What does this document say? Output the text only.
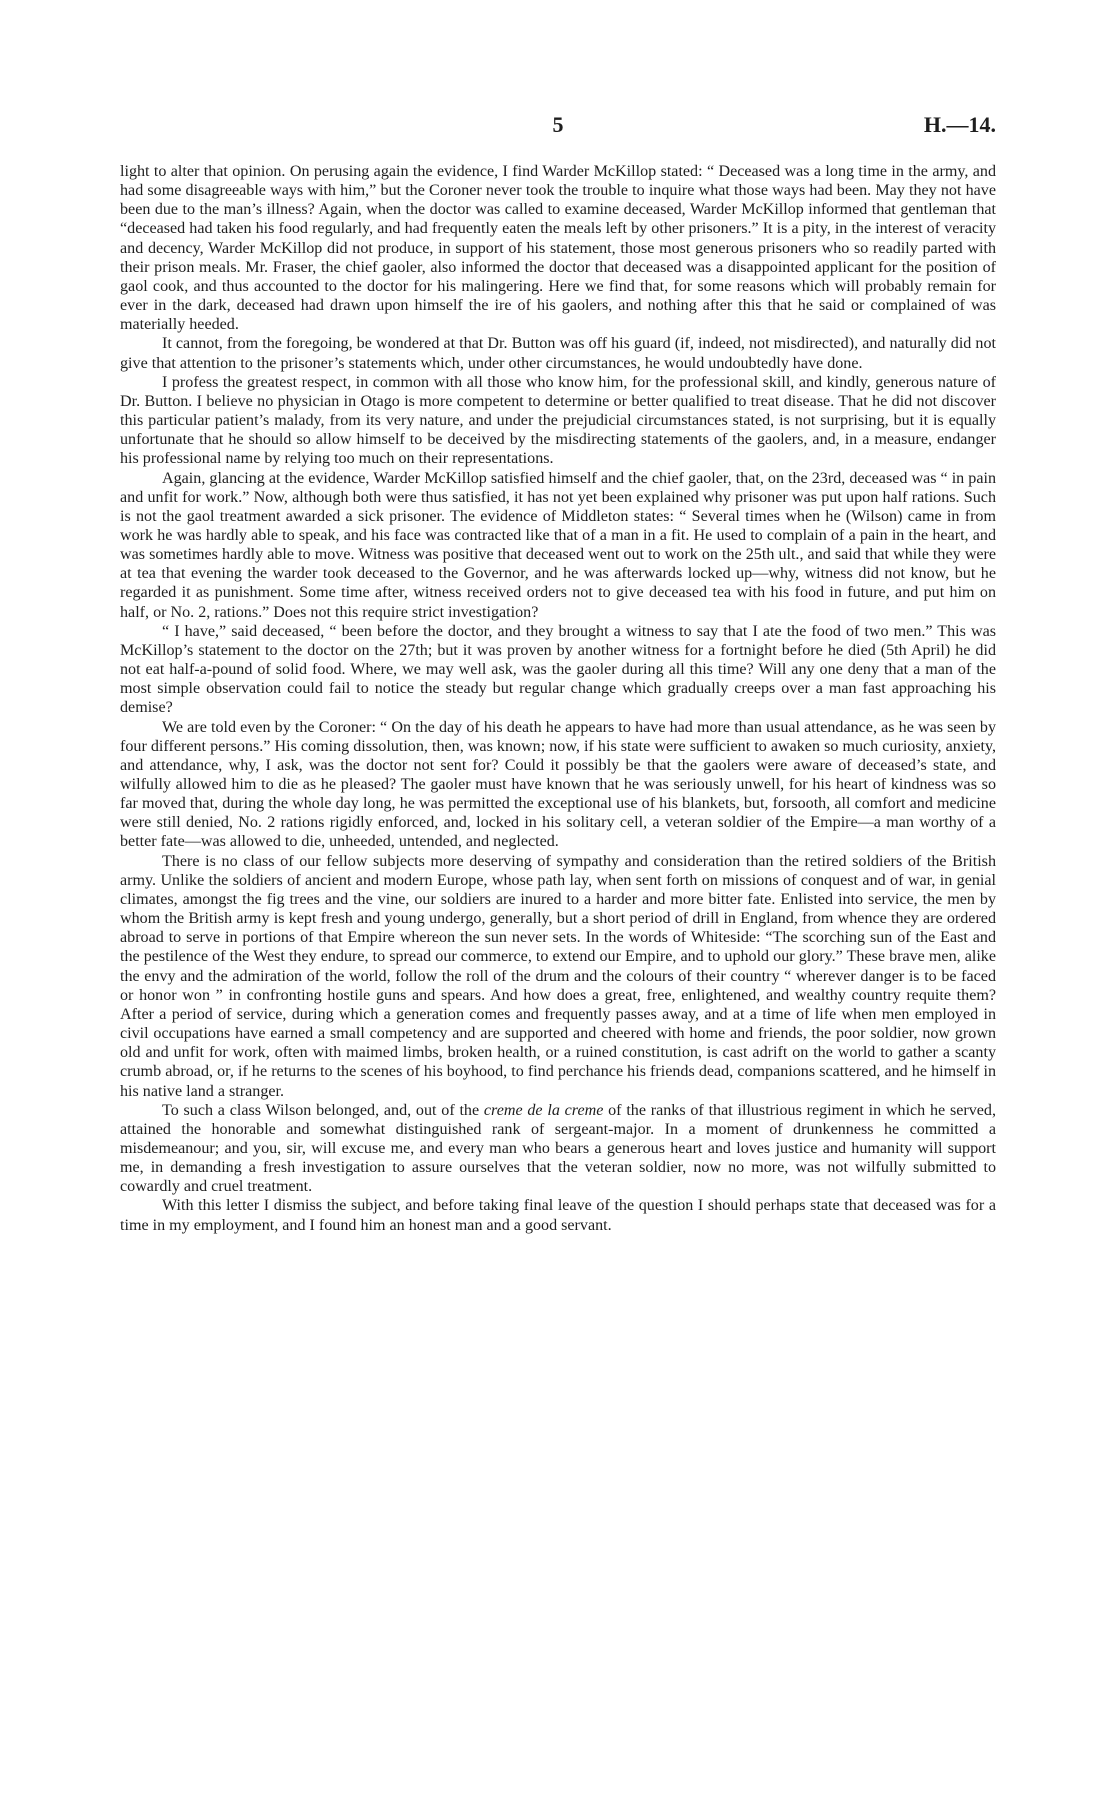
5	H.—14.

light to alter that opinion. On perusing again the evidence, I find Warder McKillop stated: “ Deceased was a long time in the army, and had some disagreeable ways with him,” but the Coroner never took the trouble to inquire what those ways had been. May they not have been due to the man’s illness? Again, when the doctor was called to examine deceased, Warder McKillop informed that gentleman that “deceased had taken his food regularly, and had frequently eaten the meals left by other prisoners.” It is a pity, in the interest of veracity and decency, Warder McKillop did not produce, in support of his statement, those most generous prisoners who so readily parted with their prison meals. Mr. Fraser, the chief gaoler, also informed the doctor that deceased was a disappointed applicant for the position of gaol cook, and thus accounted to the doctor for his malingering. Here we find that, for some reasons which will probably remain for ever in the dark, deceased had drawn upon himself the ire of his gaolers, and nothing after this that he said or complained of was materially heeded.

It cannot, from the foregoing, be wondered at that Dr. Button was off his guard (if, indeed, not misdirected), and naturally did not give that attention to the prisoner’s statements which, under other circumstances, he would undoubtedly have done.

I profess the greatest respect, in common with all those who know him, for the professional skill, and kindly, generous nature of Dr. Button. I believe no physician in Otago is more competent to determine or better qualified to treat disease. That he did not discover this particular patient’s malady, from its very nature, and under the prejudicial circumstances stated, is not surprising, but it is equally unfortunate that he should so allow himself to be deceived by the misdirecting statements of the gaolers, and, in a measure, endanger his professional name by relying too much on their representations.

Again, glancing at the evidence, Warder McKillop satisfied himself and the chief gaoler, that, on the 23rd, deceased was “ in pain and unfit for work.” Now, although both were thus satisfied, it has not yet been explained why prisoner was put upon half rations. Such is not the gaol treatment awarded a sick prisoner. The evidence of Middleton states: “ Several times when he (Wilson) came in from work he was hardly able to speak, and his face was contracted like that of a man in a fit. He used to complain of a pain in the heart, and was sometimes hardly able to move. Witness was positive that deceased went out to work on the 25th ult., and said that while they were at tea that evening the warder took deceased to the Governor, and he was afterwards locked up—why, witness did not know, but he regarded it as punishment. Some time after, witness received orders not to give deceased tea with his food in future, and put him on half, or No. 2, rations.” Does not this require strict investigation?

“ I have,” said deceased, “ been before the doctor, and they brought a witness to say that I ate the food of two men.” This was McKillop’s statement to the doctor on the 27th; but it was proven by another witness for a fortnight before he died (5th April) he did not eat half-a-pound of solid food. Where, we may well ask, was the gaoler during all this time? Will any one deny that a man of the most simple observation could fail to notice the steady but regular change which gradually creeps over a man fast approaching his demise?

We are told even by the Coroner: “ On the day of his death he appears to have had more than usual attendance, as he was seen by four different persons.” His coming dissolution, then, was known; now, if his state were sufficient to awaken so much curiosity, anxiety, and attendance, why, I ask, was the doctor not sent for? Could it possibly be that the gaolers were aware of deceased’s state, and wilfully allowed him to die as he pleased? The gaoler must have known that he was seriously unwell, for his heart of kindness was so far moved that, during the whole day long, he was permitted the exceptional use of his blankets, but, forsooth, all comfort and medicine were still denied, No. 2 rations rigidly enforced, and, locked in his solitary cell, a veteran soldier of the Empire—a man worthy of a better fate—was allowed to die, unheeded, untended, and neglected.

There is no class of our fellow subjects more deserving of sympathy and consideration than the retired soldiers of the British army. Unlike the soldiers of ancient and modern Europe, whose path lay, when sent forth on missions of conquest and of war, in genial climates, amongst the fig trees and the vine, our soldiers are inured to a harder and more bitter fate. Enlisted into service, the men by whom the British army is kept fresh and young undergo, generally, but a short period of drill in England, from whence they are ordered abroad to serve in portions of that Empire whereon the sun never sets. In the words of Whiteside: “The scorching sun of the East and the pestilence of the West they endure, to spread our commerce, to extend our Empire, and to uphold our glory.” These brave men, alike the envy and the admiration of the world, follow the roll of the drum and the colours of their country “ wherever danger is to be faced or honor won ” in confronting hostile guns and spears. And how does a great, free, enlightened, and wealthy country requite them? After a period of service, during which a generation comes and frequently passes away, and at a time of life when men employed in civil occupations have earned a small competency and are supported and cheered with home and friends, the poor soldier, now grown old and unfit for work, often with maimed limbs, broken health, or a ruined constitution, is cast adrift on the world to gather a scanty crumb abroad, or, if he returns to the scenes of his boyhood, to find perchance his friends dead, companions scattered, and he himself in his native land a stranger.

To such a class Wilson belonged, and, out of the creme de la creme of the ranks of that illustrious regiment in which he served, attained the honorable and somewhat distinguished rank of sergeant-major. In a moment of drunkenness he committed a misdemeanour; and you, sir, will excuse me, and every man who bears a generous heart and loves justice and humanity will support me, in demanding a fresh investigation to assure ourselves that the veteran soldier, now no more, was not wilfully submitted to cowardly and cruel treatment.

With this letter I dismiss the subject, and before taking final leave of the question I should perhaps state that deceased was for a time in my employment, and I found him an honest man and a good servant.
